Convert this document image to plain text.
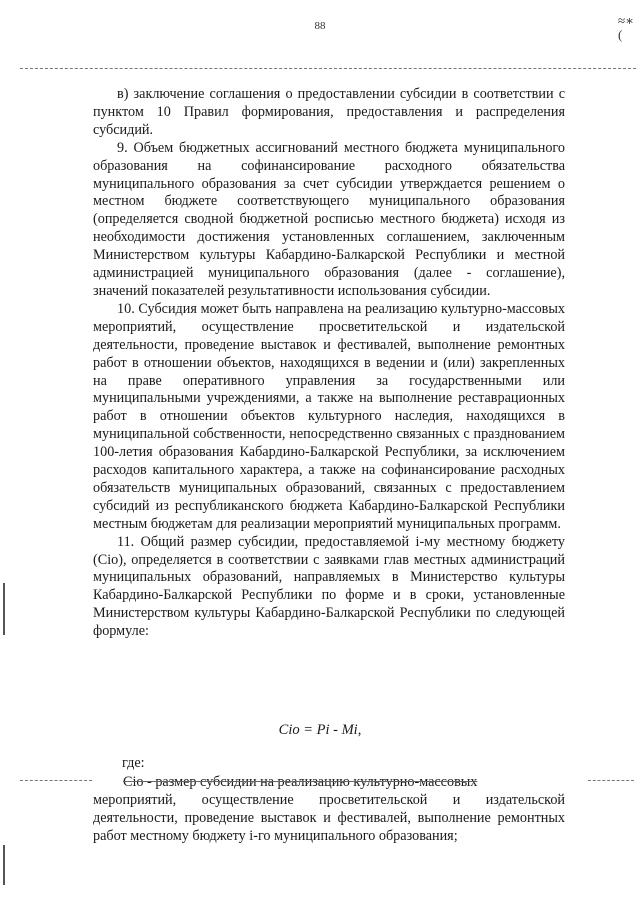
88	≈∗
(

в) заключение соглашения о предоставлении субсидии в соответствии с пунктом 10 Правил формирования, предоставления и распределения субсидий.

9. Объем бюджетных ассигнований местного бюджета муниципального образования на софинансирование расходного обязательства муниципального образования за счет субсидии утверждается решением о местном бюджете соответствующего муниципального образования (определяется сводной бюджетной росписью местного бюджета) исходя из необходимости достижения установленных соглашением, заключенным Министерством культуры Кабардино-Балкарской Республики и местной администрацией муниципального образования (далее - соглашение), значений показателей результативности использования субсидии.

10. Субсидия может быть направлена на реализацию культурно-массовых мероприятий, осуществление просветительской и издательской деятельности, проведение выставок и фестивалей, выполнение ремонтных работ в отношении объектов, находящихся в ведении и (или) закрепленных на праве оперативного управления за государственными или муниципальными учреждениями, а также на выполнение реставрационных работ в отношении объектов культурного наследия, находящихся в муниципальной собственности, непосредственно связанных с празднованием 100-летия образования Кабардино-Балкарской Республики, за исключением расходов капитального характера, а также на софинансирование расходных обязательств муниципальных образований, связанных с предоставлением субсидий из республиканского бюджета Кабардино-Балкарской Республики местным бюджетам для реализации мероприятий муниципальных программ.

11. Общий размер субсидии, предоставляемой i-му местному бюджету (Ciо), определяется в соответствии с заявками глав местных администраций муниципальных образований, направляемых в Министерство культуры Кабардино-Балкарской Республики по форме и в сроки, установленные Министерством культуры Кабардино-Балкарской Республики по следующей формуле:

Ciо = Pi - Mi,
где:

Ciо - размер субсидии на реализацию культурно-массовых

мероприятий, осуществление просветительской и издательской деятельности, проведение выставок и фестивалей, выполнение ремонтных работ местному бюджету i-го муниципального образования;
